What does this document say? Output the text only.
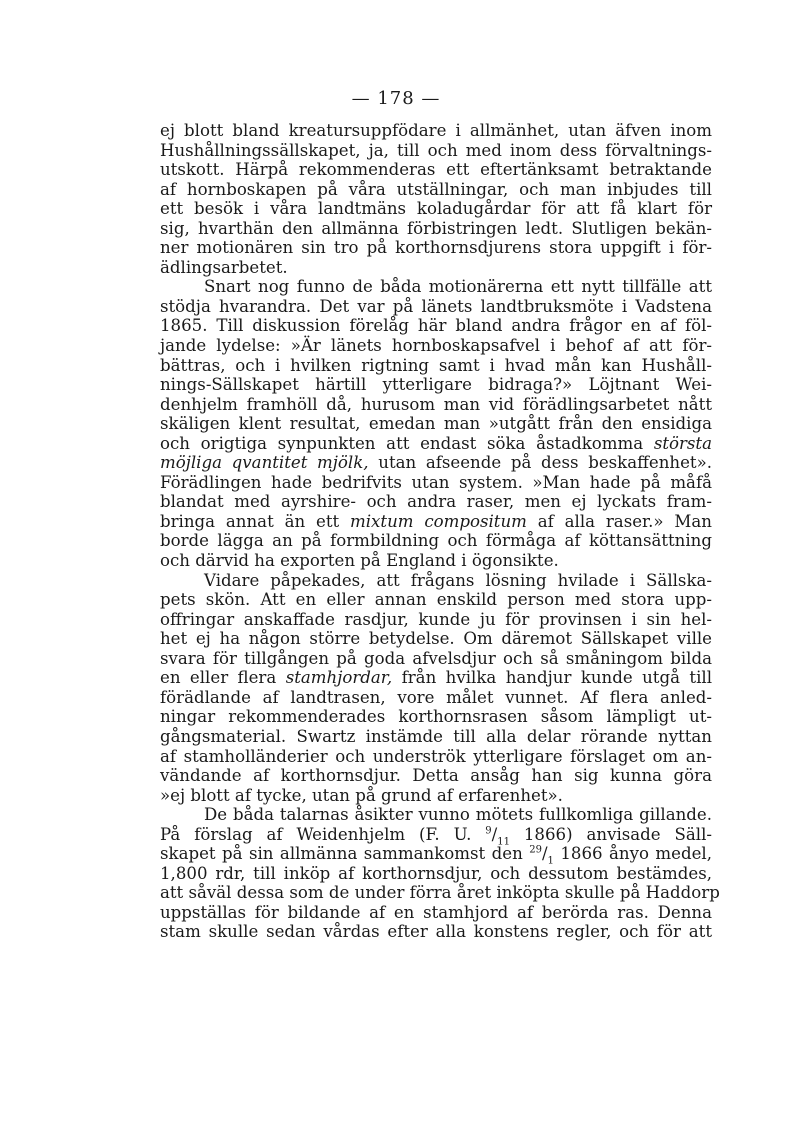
— 178 —
ej blott bland kreatursuppfödare i allmänhet, utan äfven inom
Hushållningssällskapet, ja, till och med inom dess förvaltnings-
utskott. Härpå rekommenderas ett eftertänksamt betraktande
af hornboskapen på våra utställningar, och man inbjudes till
ett besök i våra landtmäns koladugårdar för att få klart för
sig, hvarthän den allmänna förbistringen ledt. Slutligen bekän-
ner motionären sin tro på korthornsdjurens stora uppgift i för-
ädlingsarbetet.
Snart nog funno de båda motionärerna ett nytt tillfälle att
stödja hvarandra. Det var på länets landtbruksmöte i Vadstena
1865. Till diskussion förelåg här bland andra frågor en af föl-
jande lydelse: »Är länets hornboskapsafvel i behof af att för-
bättras, och i hvilken rigtning samt i hvad mån kan Hushåll-
nings-Sällskapet härtill ytterligare bidraga?» Löjtnant Wei-
denhjelm framhöll då, hurusom man vid förädlingsarbetet nått
skäligen klent resultat, emedan man »utgått från den ensidiga
och origtiga synpunkten att endast söka åstadkomma största
möjliga qvantitet mjölk, utan afseende på dess beskaffenhet».
Förädlingen hade bedrifvits utan system. »Man hade på måfå
blandat med ayrshire- och andra raser, men ej lyckats fram-
bringa annat än ett mixtum compositum af alla raser.» Man
borde lägga an på formbildning och förmåga af köttansättning
och därvid ha exporten på England i ögonsikte.
Vidare påpekades, att frågans lösning hvilade i Sällska-
pets skön. Att en eller annan enskild person med stora upp-
offringar anskaffade rasdjur, kunde ju för provinsen i sin hel-
het ej ha någon större betydelse. Om däremot Sällskapet ville
svara för tillgången på goda afvelsdjur och så småningom bilda
en eller flera stamhjordar, från hvilka handjur kunde utgå till
förädlande af landtrasen, vore målet vunnet. Af flera anled-
ningar rekommenderades korthornsrasen såsom lämpligt ut-
gångsmaterial. Swartz instämde till alla delar rörande nyttan
af stamholländerier och underströk ytterligare förslaget om an-
vändande af korthornsdjur. Detta ansåg han sig kunna göra
»ej blott af tycke, utan på grund af erfarenhet».
De båda talarnas åsikter vunno mötets fullkomliga gillande.
På förslag af Weidenhjelm (F. U. $^9/_{11}$ 1866) anvisade Säll-
skapet på sin allmänna sammankomst den $^{29}/_1$ 1866 ånyo medel,
1,800 rdr, till inköp af korthornsdjur, och dessutom bestämdes,
att såväl dessa som de under förra året inköpta skulle på Haddorp
uppställas för bildande af en stamhjord af berörda ras. Denna
stam skulle sedan vårdas efter alla konstens regler, och för att
